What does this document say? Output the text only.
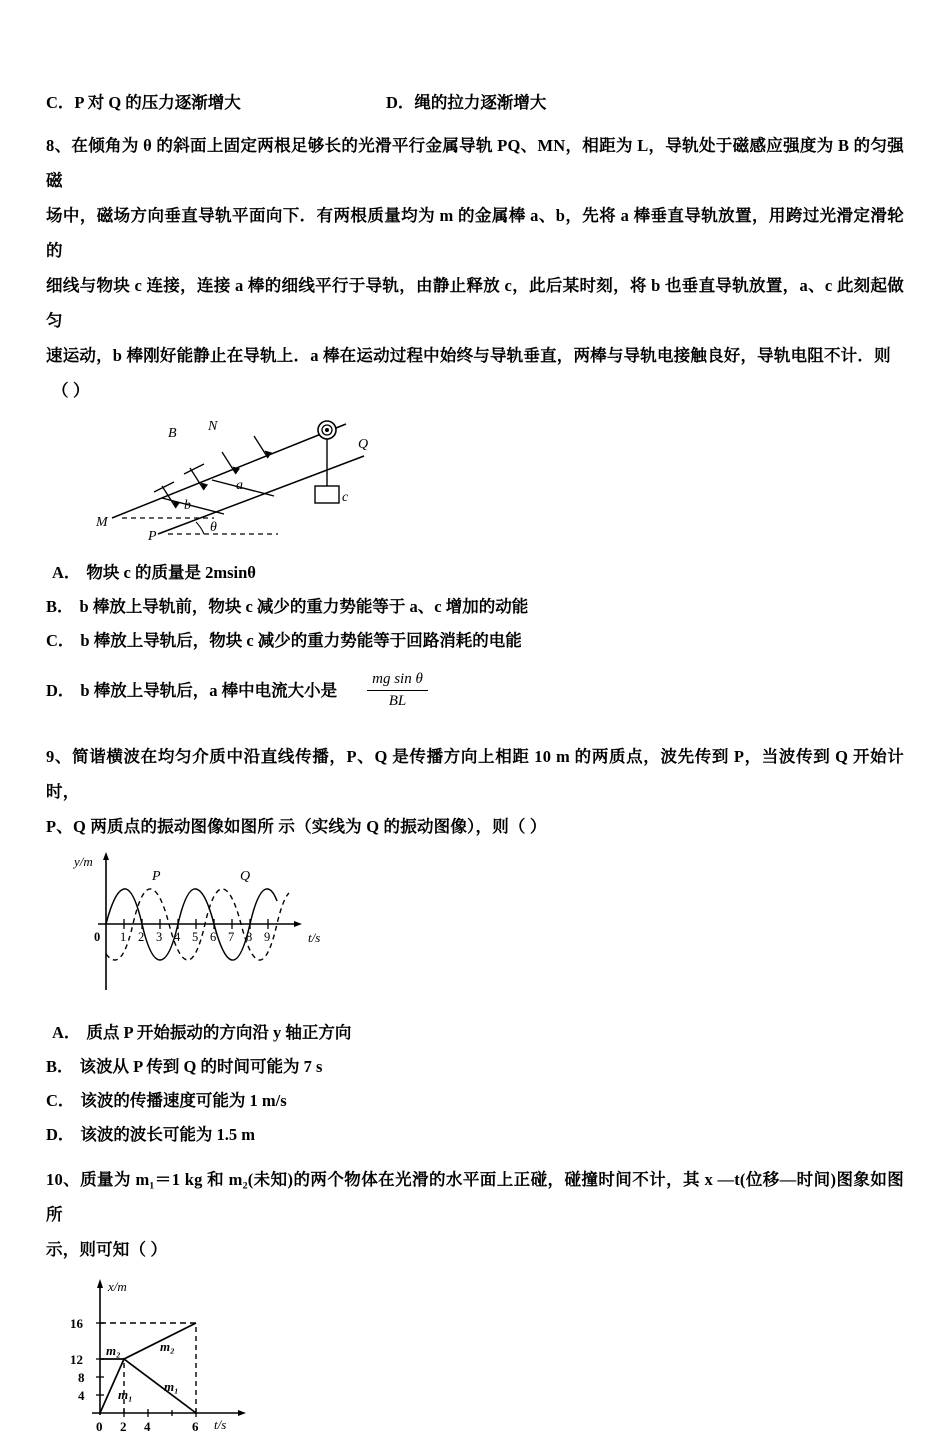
C．P 对 Q 的压力逐渐增大	D．绳的拉力逐渐增大

8、在倾角为 θ 的斜面上固定两根足够长的光滑平行金属导轨 PQ、MN，相距为 L，导轨处于磁感应强度为 B 的匀强磁

场中，磁场方向垂直导轨平面向下．有两根质量均为 m 的金属棒 a、b，先将 a 棒垂直导轨放置，用跨过光滑定滑轮的

细线与物块 c 连接，连接 a 棒的细线平行于导轨，由静止释放 c，此后某时刻，将 b 也垂直导轨放置，a、c 此刻起做匀

速运动，b 棒刚好能静止在导轨上．a 棒在运动过程中始终与导轨垂直，两棒与导轨电接触良好，导轨电阻不计．则

（ ）

B N
Q
M
P
a
b
c
θ
A． 物块 c 的质量是 2msinθ
B． b 棒放上导轨前，物块 c 减少的重力势能等于 a、c 增加的动能
C． b 棒放上导轨后，物块 c 减少的重力势能等于回路消耗的电能
D． b 棒放上导轨后，a 棒中电流大小是 $\frac{\text{mg sin θ}}{BL}$

9、简谐横波在均匀介质中沿直线传播，P、Q 是传播方向上相距 10 m 的两质点，波先传到 P，当波传到 Q 开始计时，

P、Q 两质点的振动图像如图所 示（实线为 Q 的振动图像），则（ ）

y/m
t/s
0 1 2 3 4 5 6 7 8 9
P	Q
A． 质点 P 开始振动的方向沿 y 轴正方向
B． 该波从 P 传到 Q 的时间可能为 7 s
C． 该波的传播速度可能为 1 m/s
D． 该波的波长可能为 1.5 m

10、质量为 m₁＝1 kg 和 m₂(未知)的两个物体在光滑的水平面上正碰，碰撞时间不计，其 x —t(位移—时间)图象如图所

示，则可知（ ）

x/m
t/s
4
8
12
16
0 2 4	6
m₂	m₂
m₁
m₁
